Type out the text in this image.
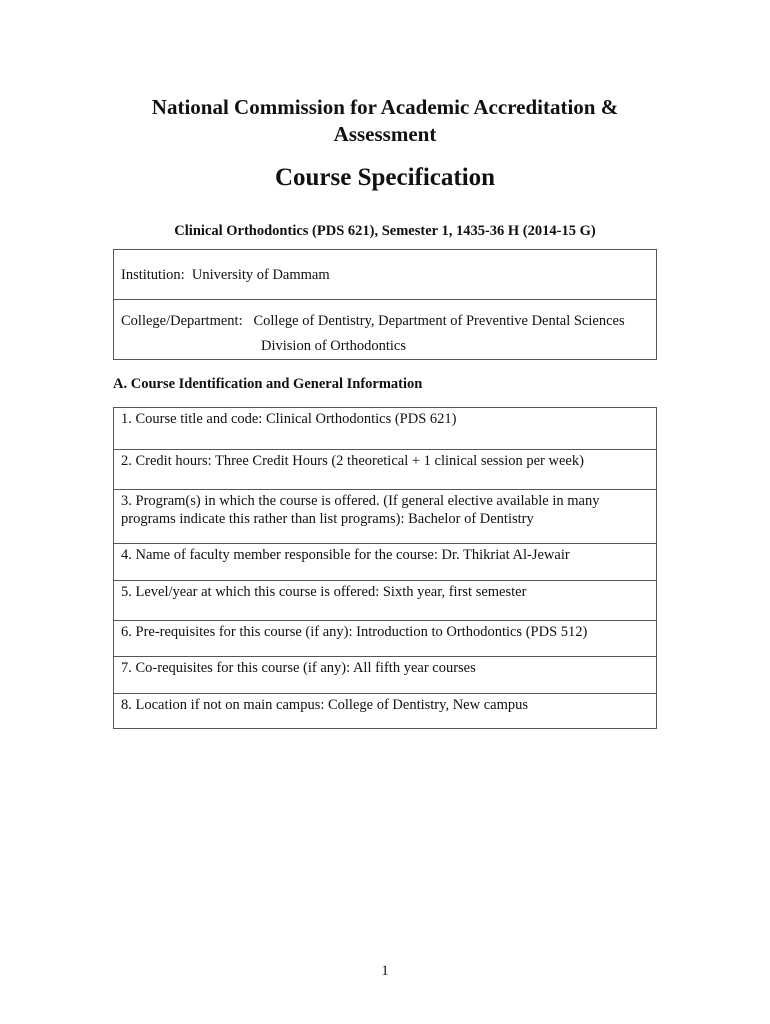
National Commission for Academic Accreditation &
Assessment
Course Specification
Clinical Orthodontics (PDS 621), Semester 1, 1435-36 H (2014-15 G)
Institution: University of Dammam
College/Department: College of Dentistry, Department of Preventive Dental Sciences
Division of Orthodontics
A. Course Identification and General Information
1. Course title and code: Clinical Orthodontics (PDS 621)
2. Credit hours: Three Credit Hours (2 theoretical + 1 clinical session per week)
3. Program(s) in which the course is offered. (If general elective available in many
programs indicate this rather than list programs): Bachelor of Dentistry
4. Name of faculty member responsible for the course: Dr. Thikriat Al-Jewair
5. Level/year at which this course is offered: Sixth year, first semester
6. Pre-requisites for this course (if any): Introduction to Orthodontics (PDS 512)
7. Co-requisites for this course (if any): All fifth year courses
8. Location if not on main campus: College of Dentistry, New campus
1
